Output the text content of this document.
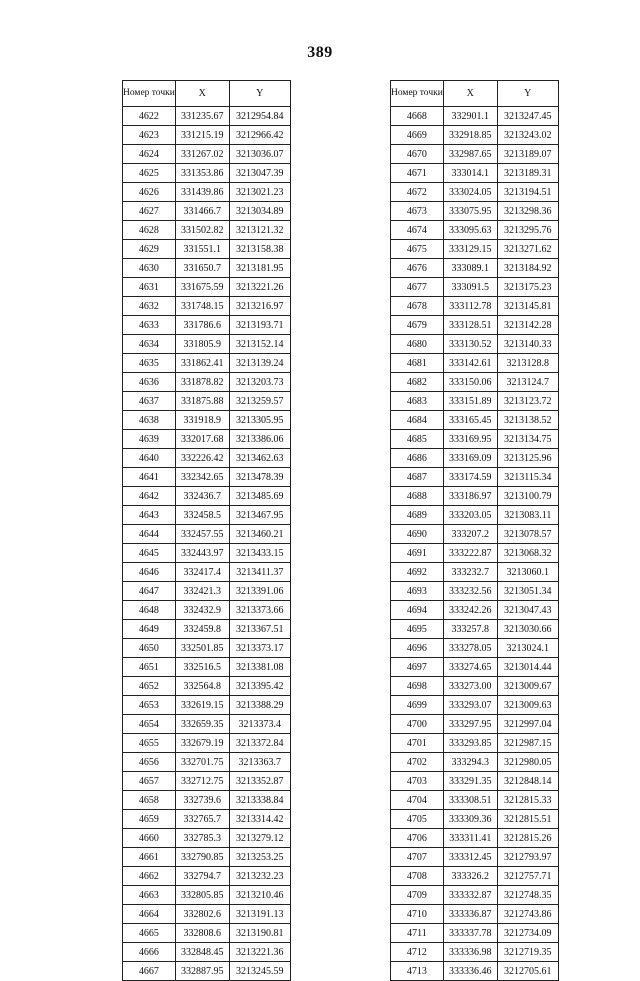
389
Номер точки	X	Y
4622	331235.67	3212954.84
4623	331215.19	3212966.42
4624	331267.02	3213036.07
4625	331353.86	3213047.39
4626	331439.86	3213021.23
4627	331466.7	3213034.89
4628	331502.82	3213121.32
4629	331551.1	3213158.38
4630	331650.7	3213181.95
4631	331675.59	3213221.26
4632	331748.15	3213216.97
4633	331786.6	3213193.71
4634	331805.9	3213152.14
4635	331862.41	3213139.24
4636	331878.82	3213203.73
4637	331875.88	3213259.57
4638	331918.9	3213305.95
4639	332017.68	3213386.06
4640	332226.42	3213462.63
4641	332342.65	3213478.39
4642	332436.7	3213485.69
4643	332458.5	3213467.95
4644	332457.55	3213460.21
4645	332443.97	3213433.15
4646	332417.4	3213411.37
4647	332421.3	3213391.06
4648	332432.9	3213373.66
4649	332459.8	3213367.51
4650	332501.85	3213373.17
4651	332516.5	3213381.08
4652	332564.8	3213395.42
4653	332619.15	3213388.29
4654	332659.35	3213373.4
4655	332679.19	3213372.84
4656	332701.75	3213363.7
4657	332712.75	3213352.87
4658	332739.6	3213338.84
4659	332765.7	3213314.42
4660	332785.3	3213279.12
4661	332790.85	3213253.25
4662	332794.7	3213232.23
4663	332805.85	3213210.46
4664	332802.6	3213191.13
4665	332808.6	3213190.81
4666	332848.45	3213221.36
4667	332887.95	3213245.59
Номер точки	X	Y
4668	332901.1	3213247.45
4669	332918.85	3213243.02
4670	332987.65	3213189.07
4671	333014.1	3213189.31
4672	333024.05	3213194.51
4673	333075.95	3213298.36
4674	333095.63	3213295.76
4675	333129.15	3213271.62
4676	333089.1	3213184.92
4677	333091.5	3213175.23
4678	333112.78	3213145.81
4679	333128.51	3213142.28
4680	333130.52	3213140.33
4681	333142.61	3213128.8
4682	333150.06	3213124.7
4683	333151.89	3213123.72
4684	333165.45	3213138.52
4685	333169.95	3213134.75
4686	333169.09	3213125.96
4687	333174.59	3213115.34
4688	333186.97	3213100.79
4689	333203.05	3213083.11
4690	333207.2	3213078.57
4691	333222.87	3213068.32
4692	333232.7	3213060.1
4693	333232.56	3213051.34
4694	333242.26	3213047.43
4695	333257.8	3213030.66
4696	333278.05	3213024.1
4697	333274.65	3213014.44
4698	333273.00	3213009.67
4699	333293.07	3213009.63
4700	333297.95	3212997.04
4701	333293.85	3212987.15
4702	333294.3	3212980.05
4703	333291.35	3212848.14
4704	333308.51	3212815.33
4705	333309.36	3212815.51
4706	333311.41	3212815.26
4707	333312.45	3212793.97
4708	333326.2	3212757.71
4709	333332.87	3212748.35
4710	333336.87	3212743.86
4711	333337.78	3212734.09
4712	333336.98	3212719.35
4713	333336.46	3212705.61
